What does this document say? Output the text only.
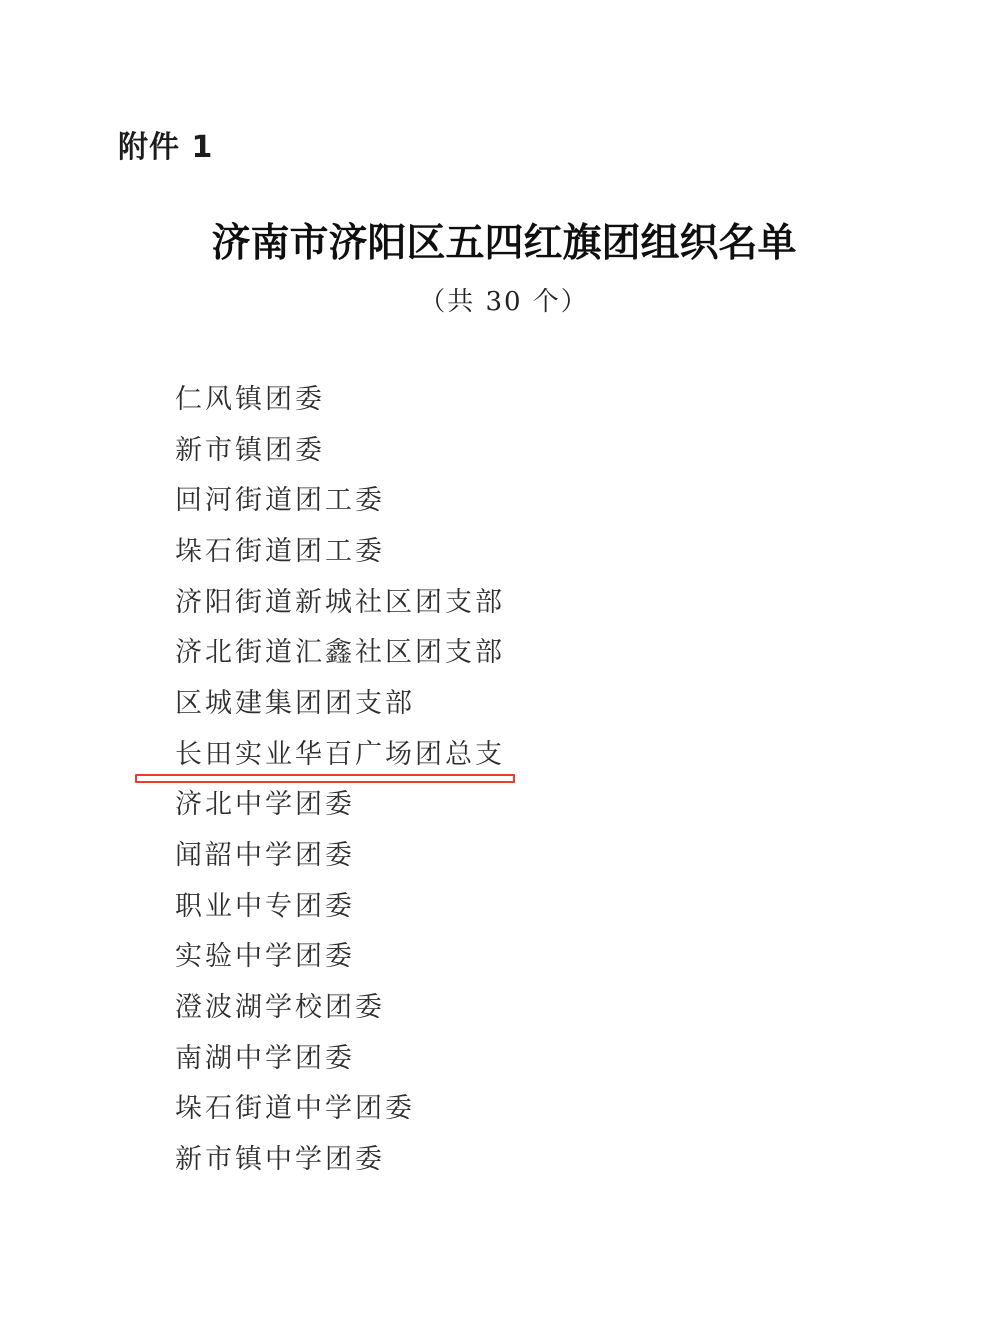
附件 1
济南市济阳区五四红旗团组织名单
（共 30 个）
仁风镇团委
新市镇团委
回河街道团工委
垛石街道团工委
济阳街道新城社区团支部
济北街道汇鑫社区团支部
区城建集团团支部
长田实业华百广场团总支
济北中学团委
闻韶中学团委
职业中专团委
实验中学团委
澄波湖学校团委
南湖中学团委
垛石街道中学团委
新市镇中学团委
